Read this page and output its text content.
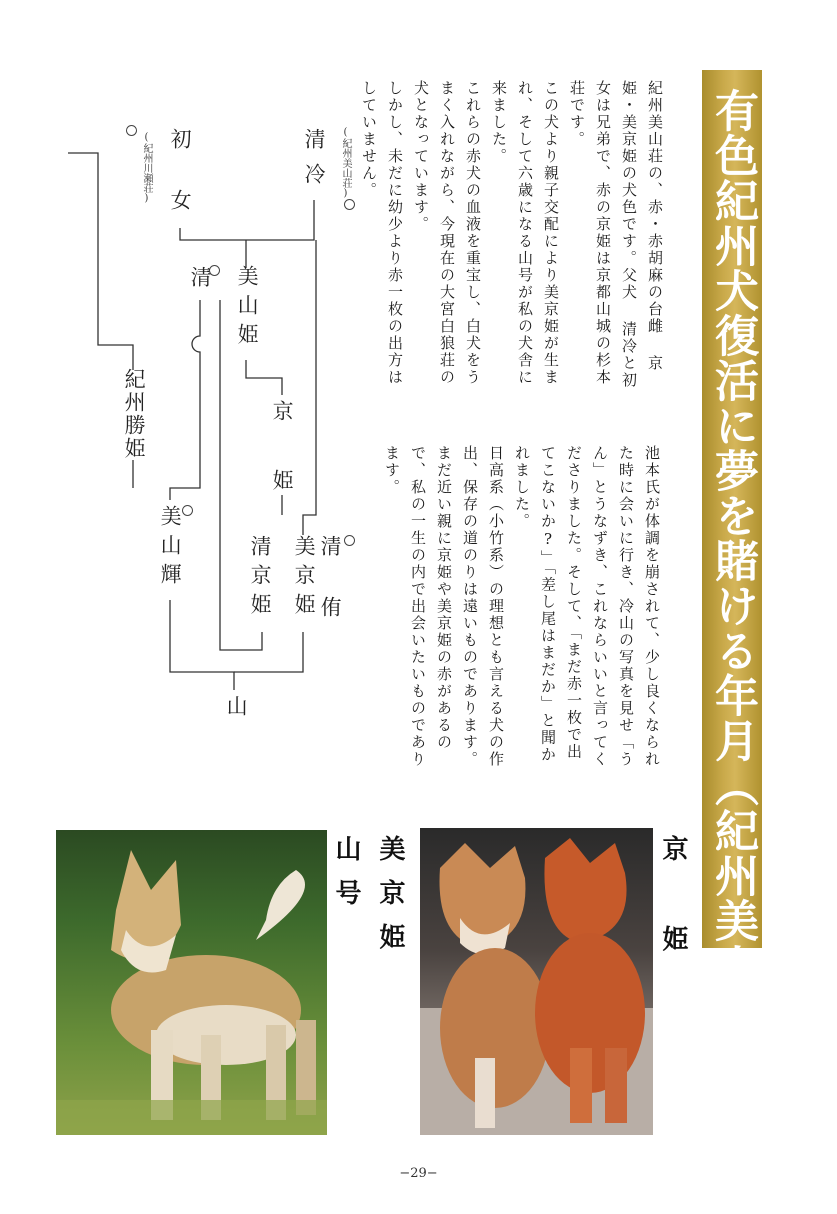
有色紀州犬復活に夢を賭ける年月（紀州美山荘）

紀州美山荘の、赤・赤胡麻の台雌 京姫・美京姫の犬色です。父犬 清冷と初女は兄弟で、赤の京姫は京都山城の杉本荘です。

この犬より親子交配により美京姫が生まれ、そして六歳になる山号が私の犬舎に来ました。

これらの赤犬の血液を重宝し、白犬をうまく入れながら、今現在の大宮白狼荘の犬となっています。

しかし、未だに幼少より赤一枚の出方はしていません。

池本氏が体調を崩されて、少し良くなられた時に会いに行き、冷山の写真を見せ「うん」とうなずき、これならいいと言ってくださりました。そして、「まだ赤一枚で出てこないか?」「差し尾はまだか」と聞かれました。

日高系（小竹系）の理想とも言える犬の作出、保存の道のりは遠いものであります。

まだ近い親に京姫や美京姫の赤があるので、私の一生の内で出会いたいものであります。

(紀州美山荘)
(紀州川瀬荘)	清冷
初女
清 美山姫
紀州勝姫	京姫
清侑
美京姫
清京姫
美山輝
山
山号 美京姫	京姫
−29−
